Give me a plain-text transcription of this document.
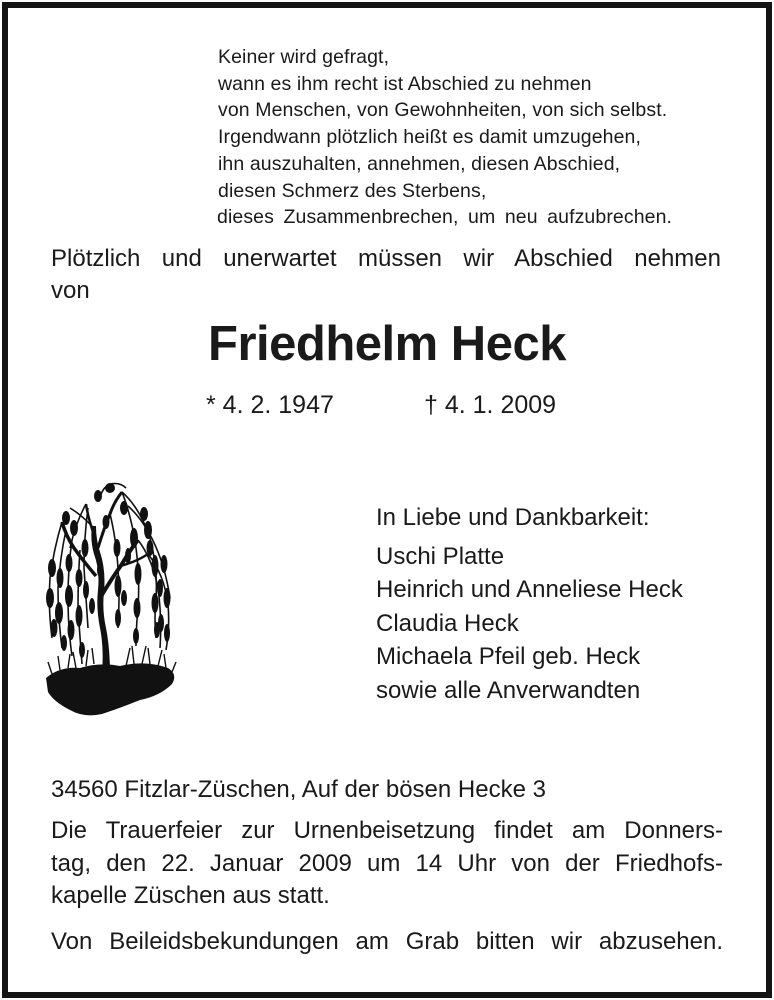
Keiner wird gefragt,
wann es ihm recht ist Abschied zu nehmen
von Menschen, von Gewohnheiten, von sich selbst.
Irgendwann plötzlich heißt es damit umzugehen,
ihn auszuhalten, annehmen, diesen Abschied,
diesen Schmerz des Sterbens,
dieses Zusammenbrechen, um neu aufzubrechen.
Plötzlich und unerwartet müssen wir Abschied nehmen
von
Friedhelm Heck
* 4. 2. 1947	† 4. 1. 2009
In Liebe und Dankbarkeit:
Uschi Platte
Heinrich und Anneliese Heck
Claudia Heck
Michaela Pfeil geb. Heck
sowie alle Anverwandten
34560 Fitzlar-Züschen, Auf der bösen Hecke 3
Die Trauerfeier zur Urnenbeisetzung findet am Donners-
tag, den 22. Januar 2009 um 14 Uhr von der Friedhofs-
kapelle Züschen aus statt.
Von Beileidsbekundungen am Grab bitten wir abzusehen.
